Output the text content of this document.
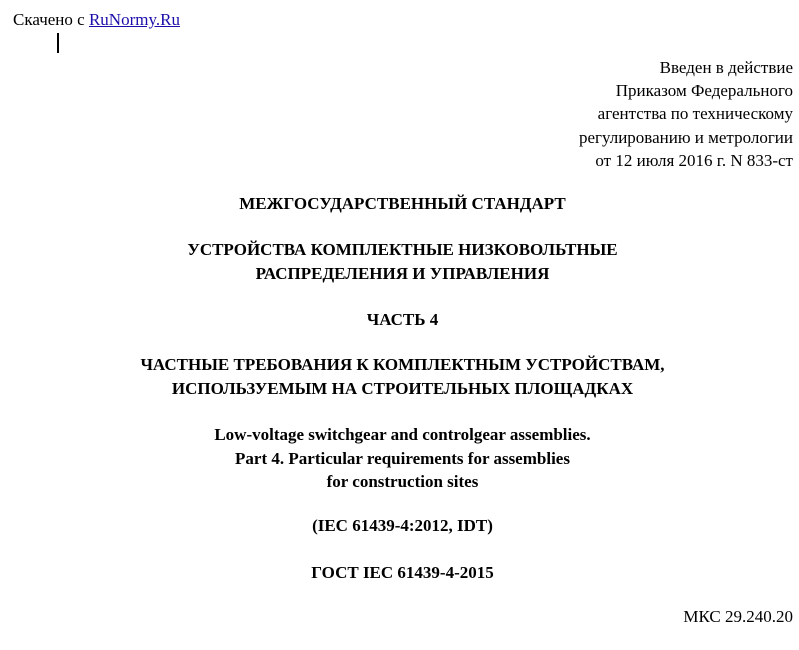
Скачено с RuNormy.Ru
Введен в действие
Приказом Федерального
агентства по техническому
регулированию и метрологии
от 12 июля 2016 г. N 833-ст
МЕЖГОСУДАРСТВЕННЫЙ СТАНДАРТ
УСТРОЙСТВА КОМПЛЕКТНЫЕ НИЗКОВОЛЬТНЫЕ
РАСПРЕДЕЛЕНИЯ И УПРАВЛЕНИЯ
ЧАСТЬ 4
ЧАСТНЫЕ ТРЕБОВАНИЯ К КОМПЛЕКТНЫМ УСТРОЙСТВАМ,
ИСПОЛЬЗУЕМЫМ НА СТРОИТЕЛЬНЫХ ПЛОЩАДКАХ
Low-voltage switchgear and controlgear assemblies.
Part 4. Particular requirements for assemblies
for construction sites
(IEC 61439-4:2012, IDT)
ГОСТ IEC 61439-4-2015
МКС 29.240.20
